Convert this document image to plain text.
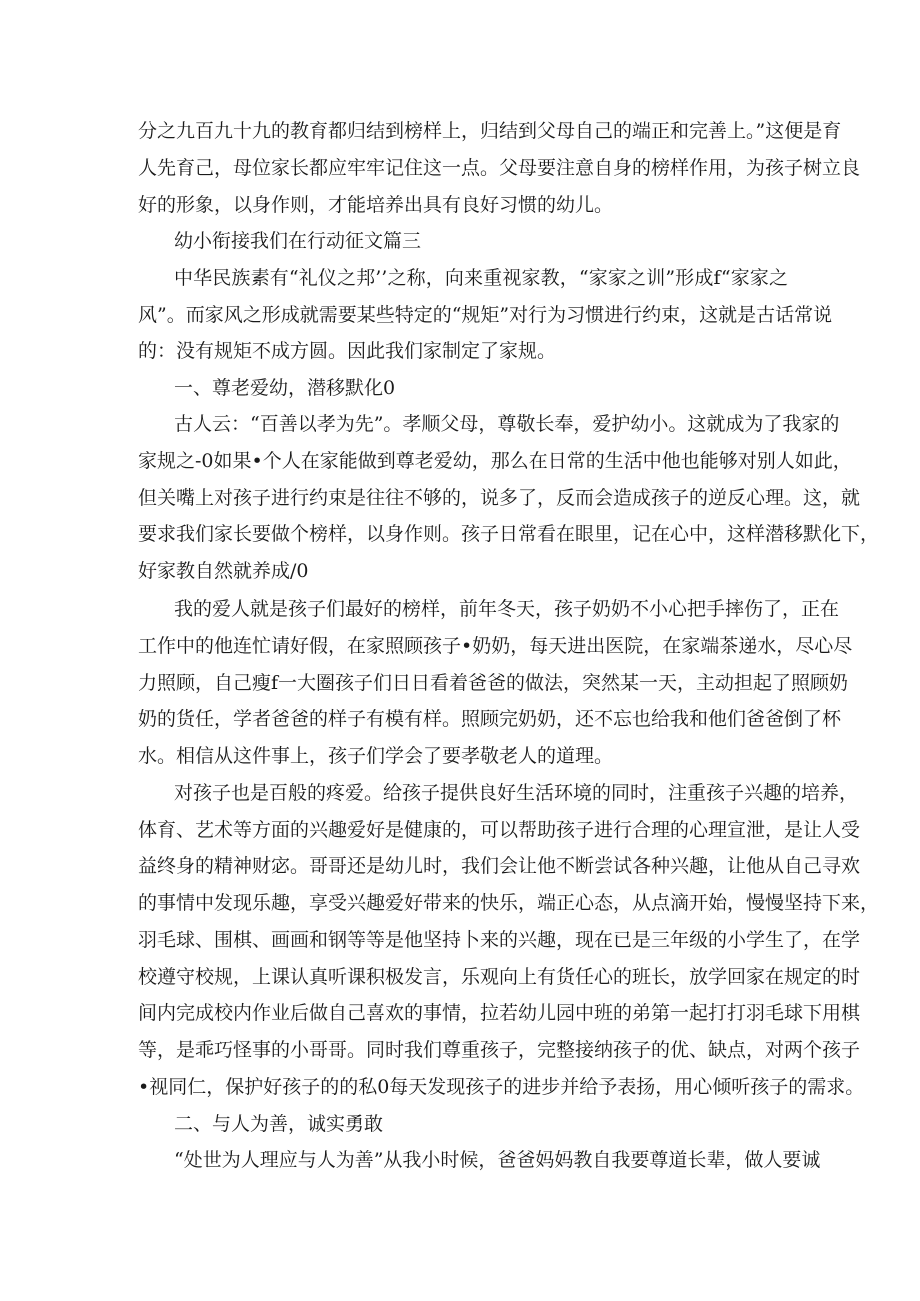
分之九百九十九的教育都归结到榜样上，归结到父母自己的端正和完善上。”这便是育
人先育己，母位家长都应牢牢记住这一点。父母要注意自身的榜样作用，为孩子树立良
好的形象，以身作则，才能培养出具有良好习惯的幼儿。
幼小衔接我们在行动征文篇三
中华民族素有“礼仪之邦’’之称，向来重视家教，“家家之训”形成f“家家之
风”。而家风之形成就需要某些特定的“规矩”对行为习惯进行约束，这就是古话常说
的：没有规矩不成方圆。因此我们家制定了家规。
一、尊老爱幼，潜移默化0
古人云：“百善以孝为先”。孝顺父母，尊敬长奉，爱护幼小。这就成为了我家的
家规之-0如果•个人在家能做到尊老爱幼，那么在日常的生活中他也能够对别人如此，
但关嘴上对孩子进行约束是往往不够的，说多了，反而会造成孩子的逆反心理。这，就
要求我们家长要做个榜样，以身作则。孩子日常看在眼里，记在心中，这样潜移默化下，
好家教自然就养成/0
我的爱人就是孩子们最好的榜样，前年冬天，孩子奶奶不小心把手摔伤了，正在
工作中的他连忙请好假，在家照顾孩子•奶奶，每天进出医院，在家端茶递水，尽心尽
力照顾，自己瘦f一大圈孩子们日日看着爸爸的做法，突然某一天，主动担起了照顾奶
奶的货任，学者爸爸的样子有模有样。照顾完奶奶，还不忘也给我和他们爸爸倒了杯
水。相信从这件事上，孩子们学会了要孝敬老人的道理。
对孩子也是百般的疼爱。给孩子提供良好生活环境的同时，注重孩子兴趣的培养，
体育、艺术等方面的兴趣爱好是健康的，可以帮助孩子进行合理的心理宣泄，是让人受
益终身的精神财宓。哥哥还是幼儿时，我们会让他不断尝试各种兴趣，让他从自己寻欢
的事情中发现乐趣，享受兴趣爱好带来的快乐，端正心态，从点滴开始，慢慢坚持下来，
羽毛球、围棋、画画和钢等等是他坚持卜来的兴趣，现在已是三年级的小学生了，在学
校遵守校规，上课认真听课积极发言，乐观向上有货任心的班长，放学回家在规定的时
间内完成校内作业后做自己喜欢的事情，拉若幼儿园中班的弟第一起打打羽毛球下用棋
等，是乖巧怪事的小哥哥。同时我们尊重孩子，完整接纳孩子的优、缺点，对两个孩子
•视同仁，保护好孩子的的私0每天发现孩子的进步并给予表扬，用心倾听孩子的需求。
二、与人为善，诚实勇敢
“处世为人理应与人为善”从我小时候，爸爸妈妈教自我要尊道长辈，做人要诚
